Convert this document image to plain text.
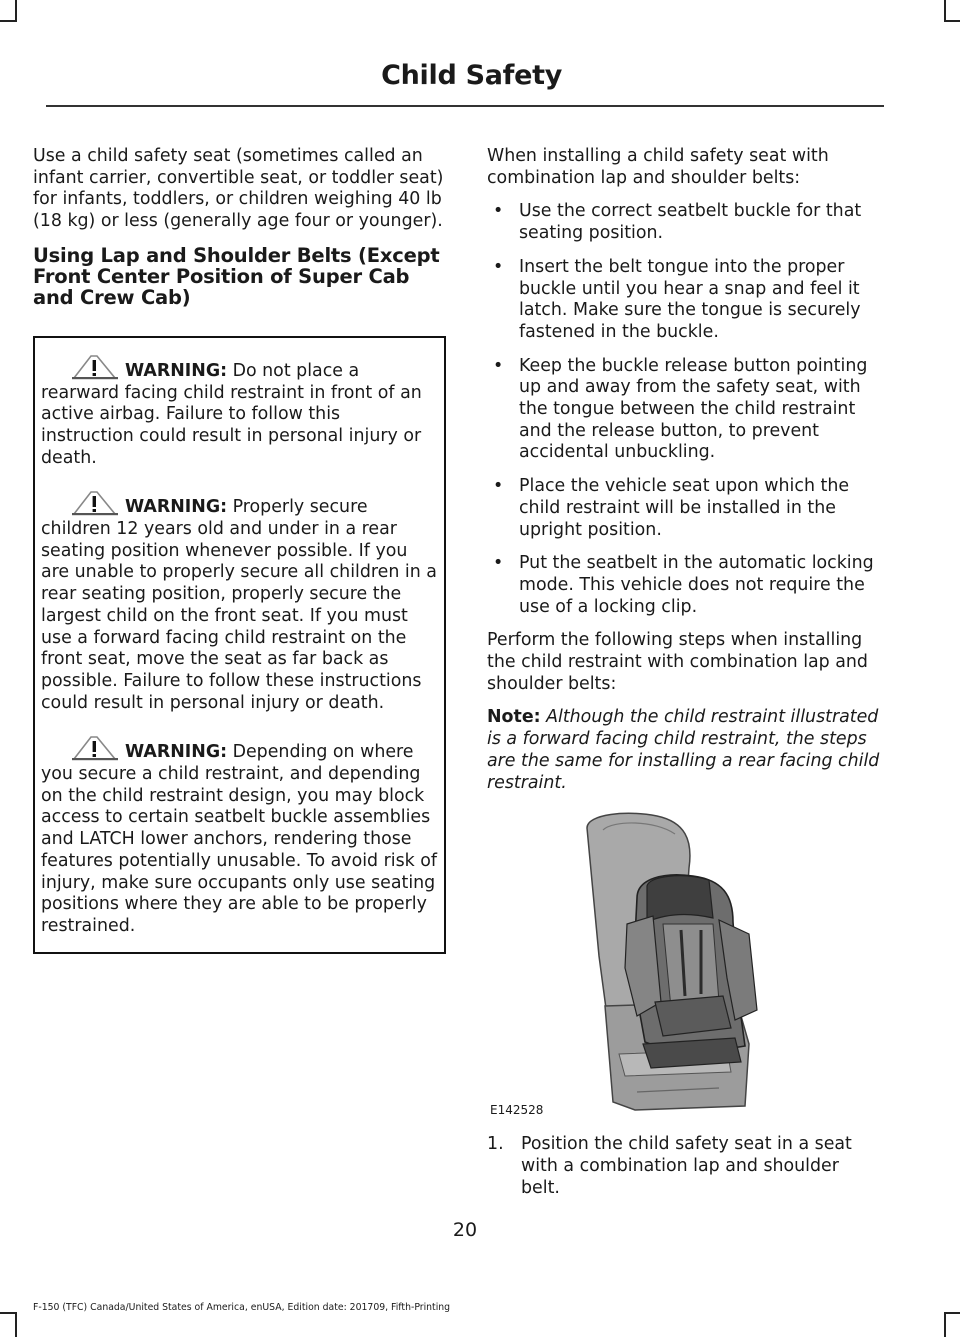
Child Safety

Use a child safety seat (sometimes called an infant carrier, convertible seat, or toddler seat) for infants, toddlers, or children weighing 40 lb (18 kg) or less (generally age four or younger).

Using Lap and Shoulder Belts (Except Front Center Position of Super Cab and Crew Cab)
WARNING: Do not place a rearward facing child restraint in front of an active airbag. Failure to follow this instruction could result in personal injury or death.
WARNING: Properly secure children 12 years old and under in a rear seating position whenever possible. If you are unable to properly secure all children in a rear seating position, properly secure the largest child on the front seat. If you must use a forward facing child restraint on the front seat, move the seat as far back as possible. Failure to follow these instructions could result in personal injury or death.
WARNING: Depending on where you secure a child restraint, and depending on the child restraint design, you may block access to certain seatbelt buckle assemblies and LATCH lower anchors, rendering those features potentially unusable. To avoid risk of injury, make sure occupants only use seating positions where they are able to be properly restrained.

When installing a child safety seat with combination lap and shoulder belts:

• Use the correct seatbelt buckle for that seating position.
• Insert the belt tongue into the proper buckle until you hear a snap and feel it latch. Make sure the tongue is securely fastened in the buckle.
• Keep the buckle release button pointing up and away from the safety seat, with the tongue between the child restraint and the release button, to prevent accidental unbuckling.
• Place the vehicle seat upon which the child restraint will be installed in the upright position.
• Put the seatbelt in the automatic locking mode. This vehicle does not require the use of a locking clip.

Perform the following steps when installing the child restraint with combination lap and shoulder belts:

Note: Although the child restraint illustrated is a forward facing child restraint, the steps are the same for installing a rear facing child restraint.

E142528
1. Position the child safety seat in a seat with a combination lap and shoulder belt.
20
F-150 (TFC) Canada/United States of America, enUSA, Edition date: 201709, Fifth-Printing
